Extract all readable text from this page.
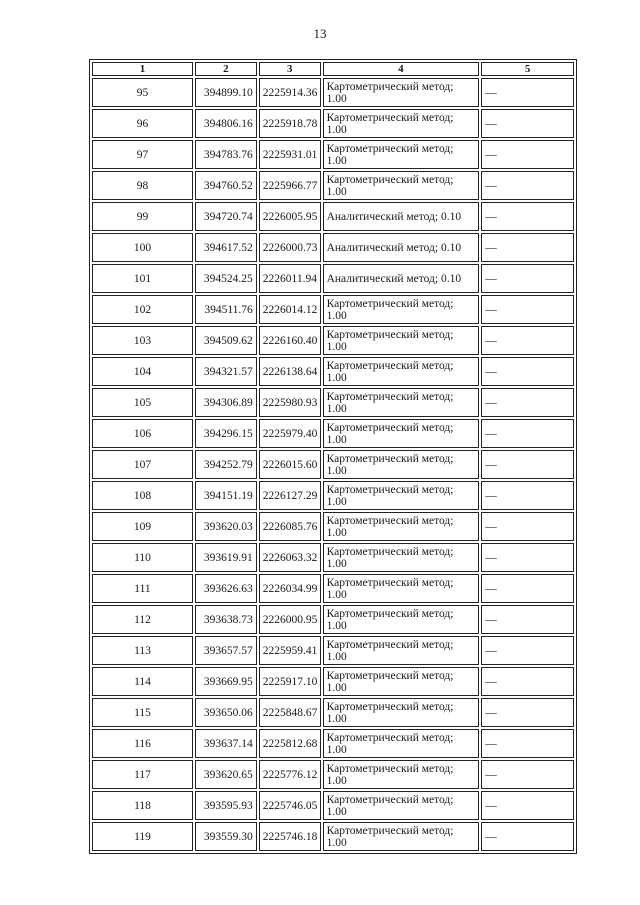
13
1	2	3	4	5
95	394899.10	2225914.36	Картометрический метод; 1.00	—
96	394806.16	2225918.78	Картометрический метод; 1.00	—
97	394783.76	2225931.01	Картометрический метод; 1.00	—
98	394760.52	2225966.77	Картометрический метод; 1.00	—
99	394720.74	2226005.95	Аналитический метод; 0.10	—
100	394617.52	2226000.73	Аналитический метод; 0.10	—
101	394524.25	2226011.94	Аналитический метод; 0.10	—
102	394511.76	2226014.12	Картометрический метод; 1.00	—
103	394509.62	2226160.40	Картометрический метод; 1.00	—
104	394321.57	2226138.64	Картометрический метод; 1.00	—
105	394306.89	2225980.93	Картометрический метод; 1.00	—
106	394296.15	2225979.40	Картометрический метод; 1.00	—
107	394252.79	2226015.60	Картометрический метод; 1.00	—
108	394151.19	2226127.29	Картометрический метод; 1.00	—
109	393620.03	2226085.76	Картометрический метод; 1.00	—
110	393619.91	2226063.32	Картометрический метод; 1.00	—
111	393626.63	2226034.99	Картометрический метод; 1.00	—
112	393638.73	2226000.95	Картометрический метод; 1.00	—
113	393657.57	2225959.41	Картометрический метод; 1.00	—
114	393669.95	2225917.10	Картометрический метод; 1.00	—
115	393650.06	2225848.67	Картометрический метод; 1.00	—
116	393637.14	2225812.68	Картометрический метод; 1.00	—
117	393620.65	2225776.12	Картометрический метод; 1.00	—
118	393595.93	2225746.05	Картометрический метод; 1.00	—
119	393559.30	2225746.18	Картометрический метод; 1.00	—
